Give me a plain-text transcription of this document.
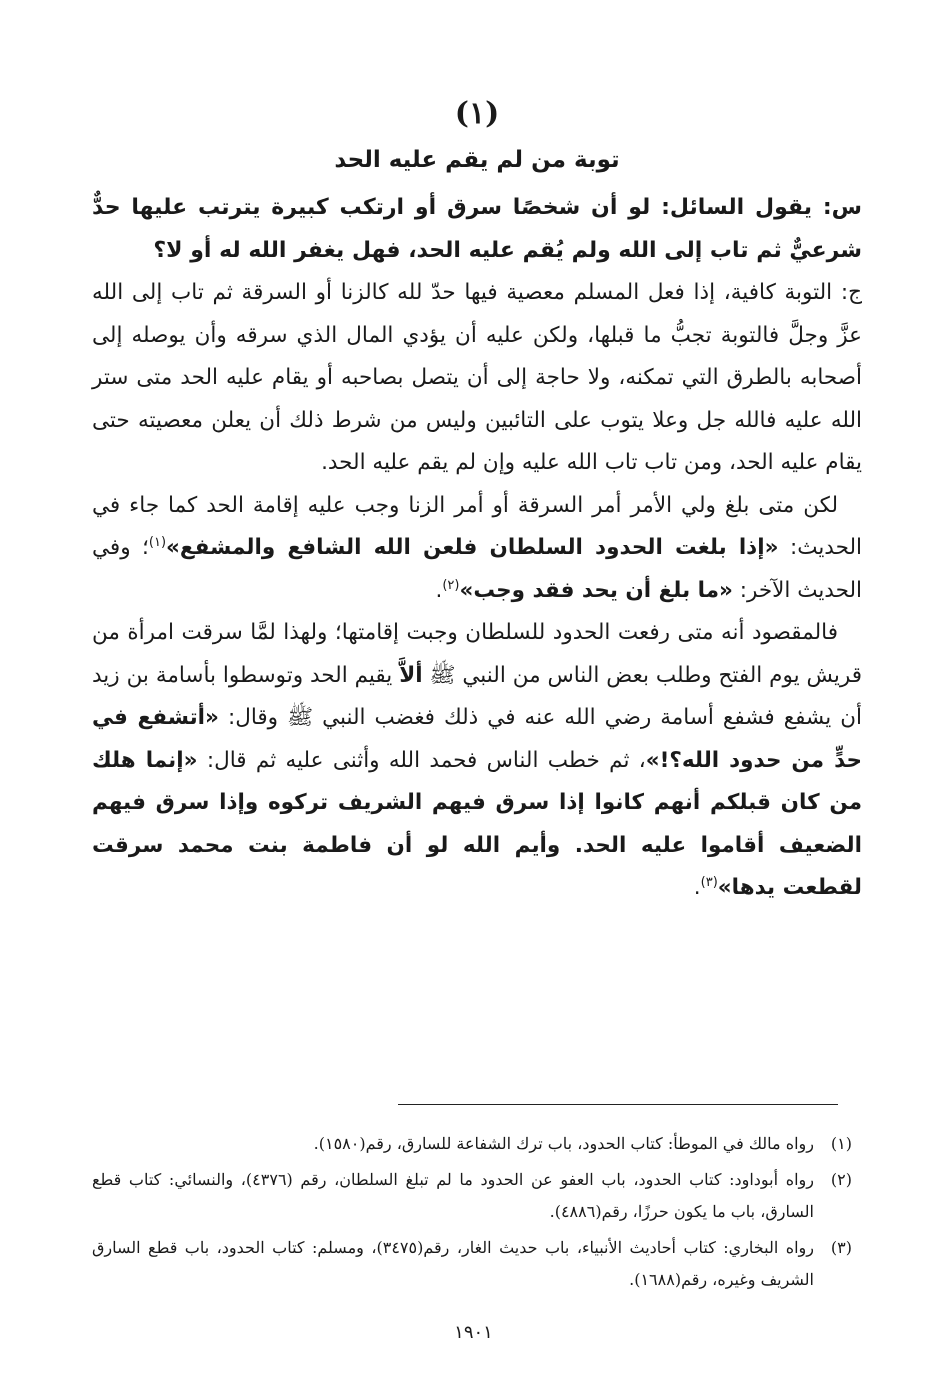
(١)
توبة من لم يقم عليه الحد

س: يقول السائل: لو أن شخصًا سرق أو ارتكب كبيرة يترتب عليها حدٌّ شرعيٌّ ثم تاب إلى الله ولم يُقم عليه الحد، فهل يغفر الله له أو لا؟

ج: التوبة كافية، إذا فعل المسلم معصية فيها حدّ لله كالزنا أو السرقة ثم تاب إلى الله عزَّ وجلَّ فالتوبة تجبُّ ما قبلها، ولكن عليه أن يؤدي المال الذي سرقه وأن يوصله إلى أصحابه بالطرق التي تمكنه، ولا حاجة إلى أن يتصل بصاحبه أو يقام عليه الحد متى ستر الله عليه فالله جل وعلا يتوب على التائبين وليس من شرط ذلك أن يعلن معصيته حتى يقام عليه الحد، ومن تاب تاب الله عليه وإن لم يقم عليه الحد.

لكن متى بلغ ولي الأمر أمر السرقة أو أمر الزنا وجب عليه إقامة الحد كما جاء في الحديث: «إذا بلغت الحدود السلطان فلعن الله الشافع والمشفع»$^{(١)}$؛ وفي الحديث الآخر: «ما بلغ أن يحد فقد وجب»$^{(٢)}$.

فالمقصود أنه متى رفعت الحدود للسلطان وجبت إقامتها؛ ولهذا لمَّا سرقت امرأة من قريش يوم الفتح وطلب بعض الناس من النبي ﷺ ألاَّ يقيم الحد وتوسطوا بأسامة بن زيد أن يشفع فشفع أسامة رضي الله عنه في ذلك فغضب النبي ﷺ وقال: «أتشفع في حدٍّ من حدود الله؟!»، ثم خطب الناس فحمد الله وأثنى عليه ثم قال: «إنما هلك من كان قبلكم أنهم كانوا إذا سرق فيهم الشريف تركوه وإذا سرق فيهم الضعيف أقاموا عليه الحد. وأيم الله لو أن فاطمة بنت محمد سرقت لقطعت يدها»$^{(٣)}$.

(١)
رواه مالك في الموطأ: كتاب الحدود، باب ترك الشفاعة للسارق، رقم(١٥٨٠).
(٢)
رواه أبوداود: كتاب الحدود، باب العفو عن الحدود ما لم تبلغ السلطان، رقم (٤٣٧٦)، والنسائي: كتاب قطع السارق، باب ما يكون حرزًا، رقم(٤٨٨٦).
(٣)
رواه البخاري: كتاب أحاديث الأنبياء، باب حديث الغار، رقم(٣٤٧٥)، ومسلم: كتاب الحدود، باب قطع السارق الشريف وغيره، رقم(١٦٨٨).
١٩٠١
